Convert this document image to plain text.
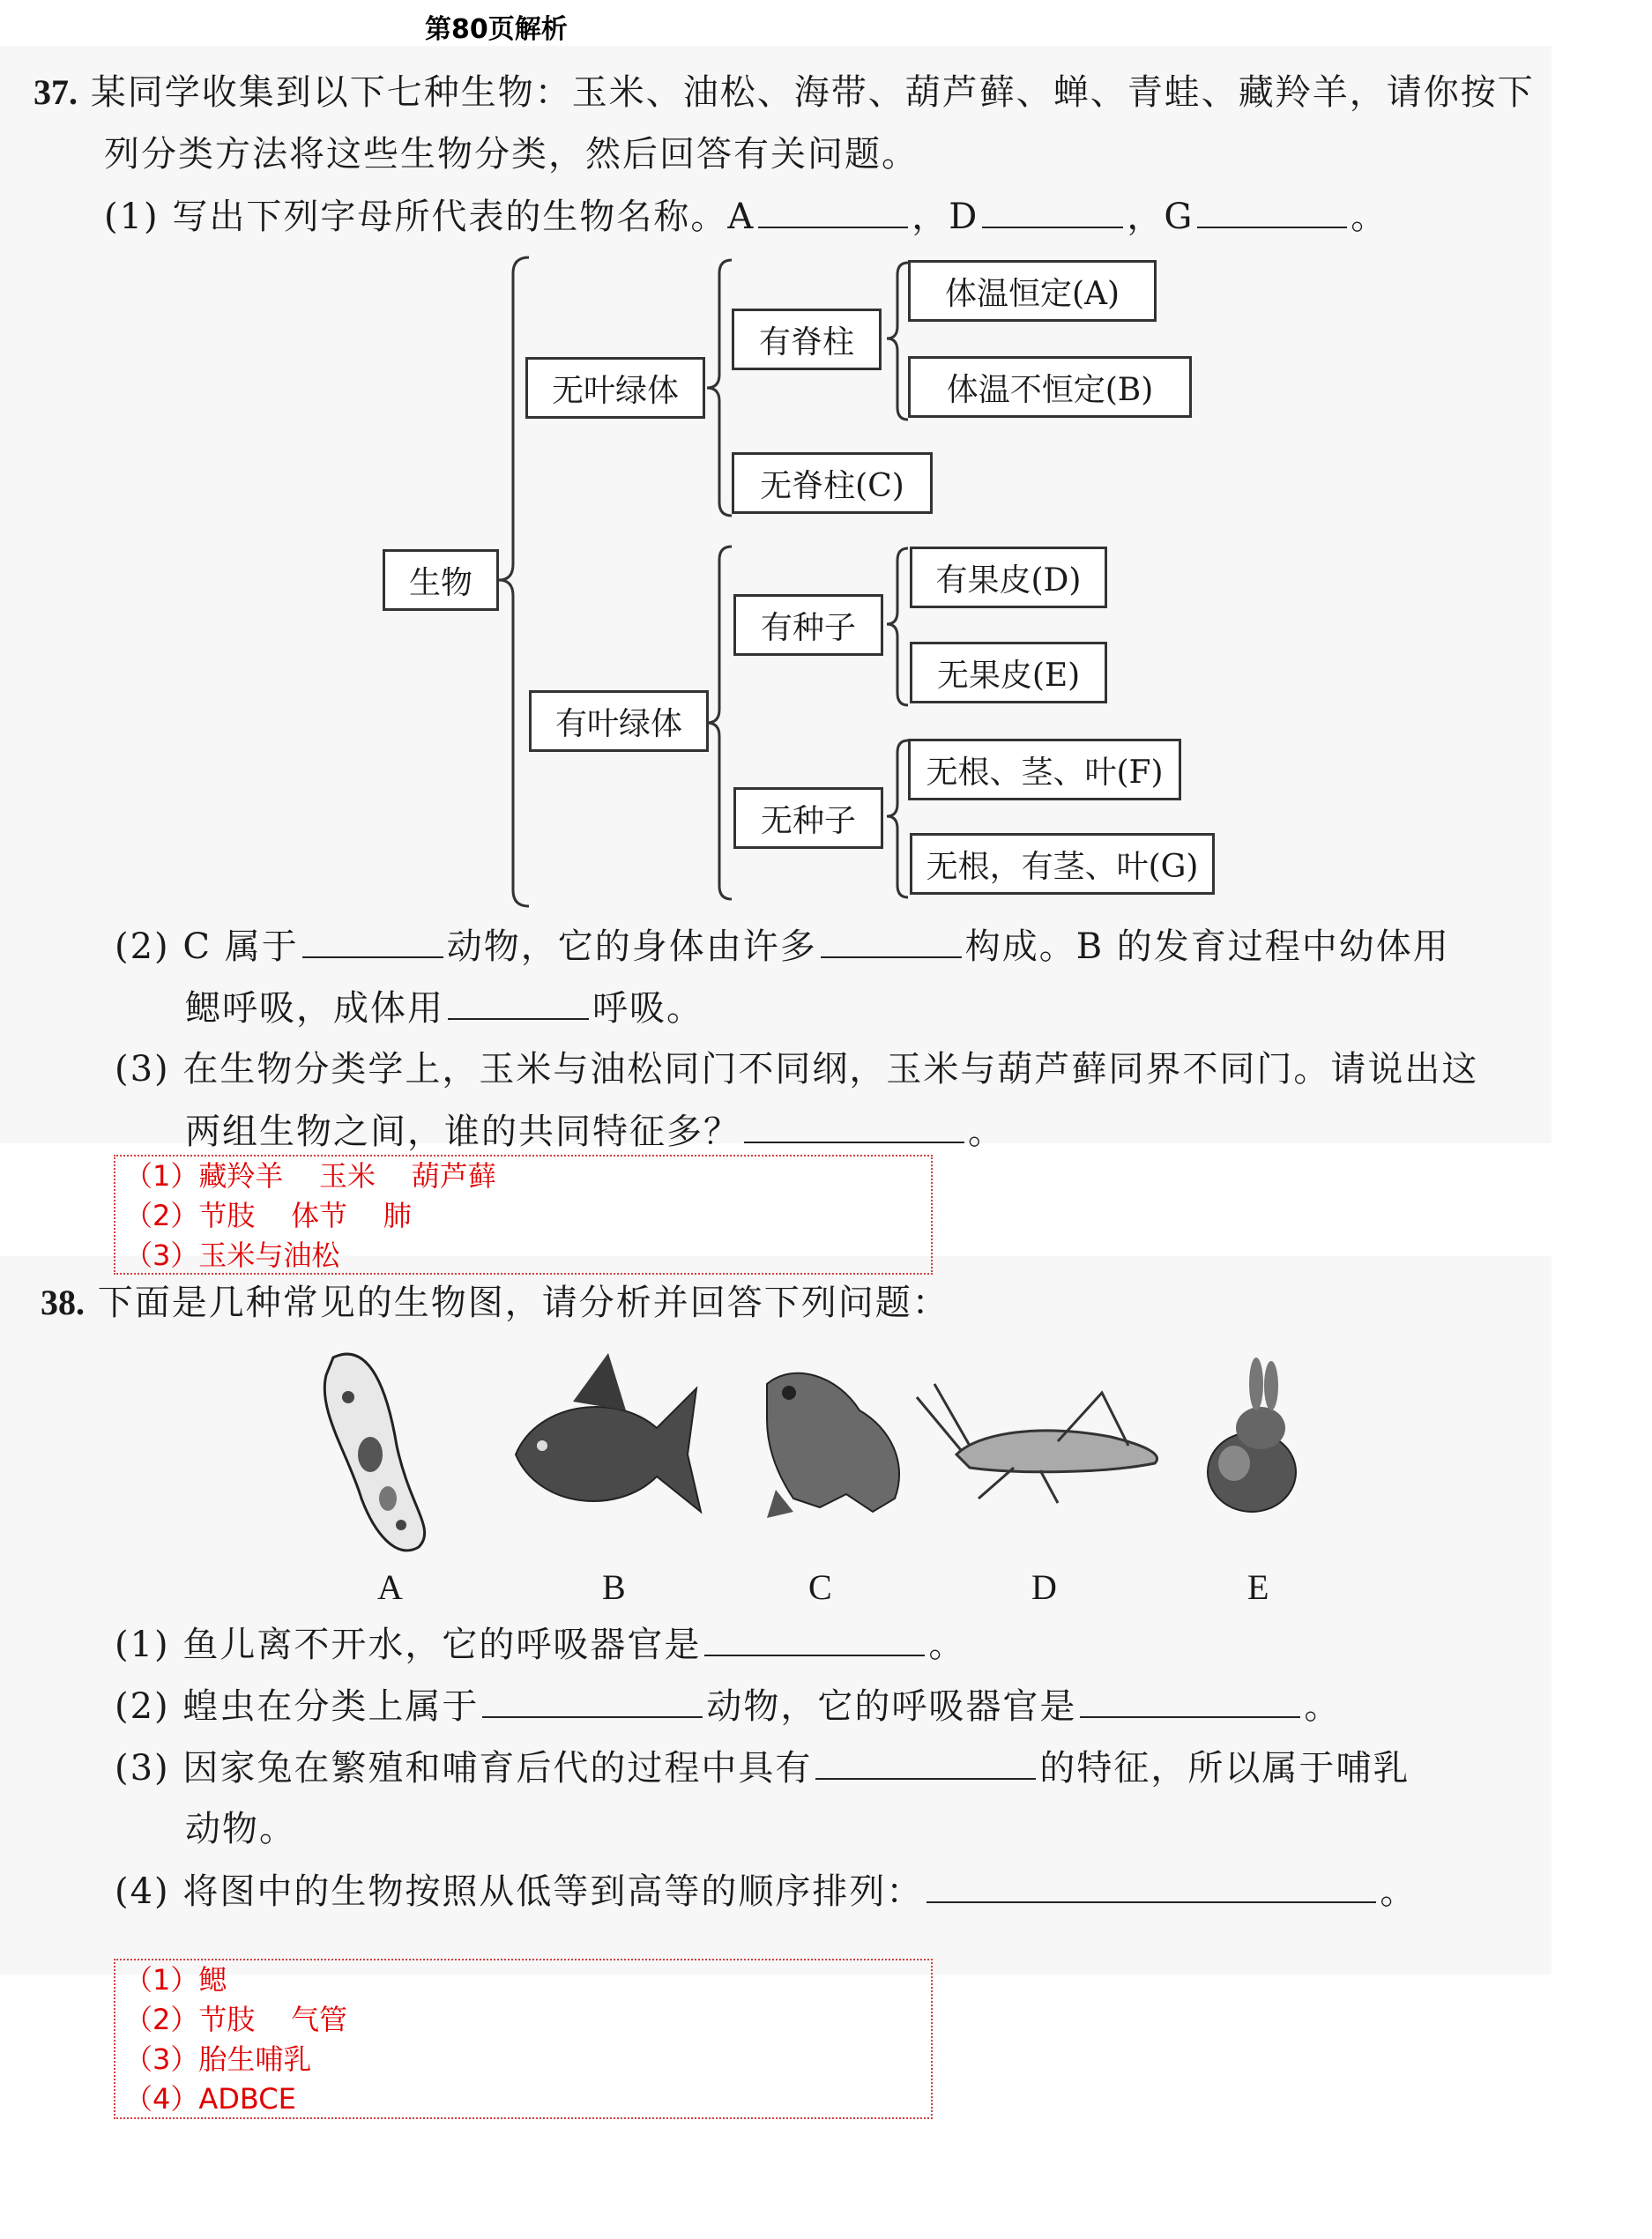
第80页解析
37. 某同学收集到以下七种生物：玉米、油松、海带、葫芦藓、蝉、青蛙、藏羚羊，请你按下
列分类方法将这些生物分类，然后回答有关问题。
(1) 写出下列字母所代表的生物名称。A	，D	，G	。
生物
无叶绿体
有叶绿体
有脊柱
无脊柱(C)
有种子
无种子
体温恒定(A)
体温不恒定(B)
有果皮(D)
无果皮(E)
无根、茎、叶(F)
无根，有茎、叶(G)
(2) C 属于	动物，它的身体由许多	构成。B 的发育过程中幼体用
鳃呼吸，成体用	呼吸。
(3) 在生物分类学上，玉米与油松同门不同纲，玉米与葫芦藓同界不同门。请说出这
两组生物之间，谁的共同特征多？	。
（1）藏羚羊    玉米    葫芦藓
（2）节肢    体节    肺
（3）玉米与油松
38. 下面是几种常见的生物图，请分析并回答下列问题：
A	B	C	D	E
(1) 鱼儿离不开水，它的呼吸器官是	。
(2) 蝗虫在分类上属于	动物，它的呼吸器官是	。
(3) 因家兔在繁殖和哺育后代的过程中具有	的特征，所以属于哺乳
动物。
(4) 将图中的生物按照从低等到高等的顺序排列：	。
（1）鳃
（2）节肢    气管
（3）胎生哺乳
（4）ADBCE
